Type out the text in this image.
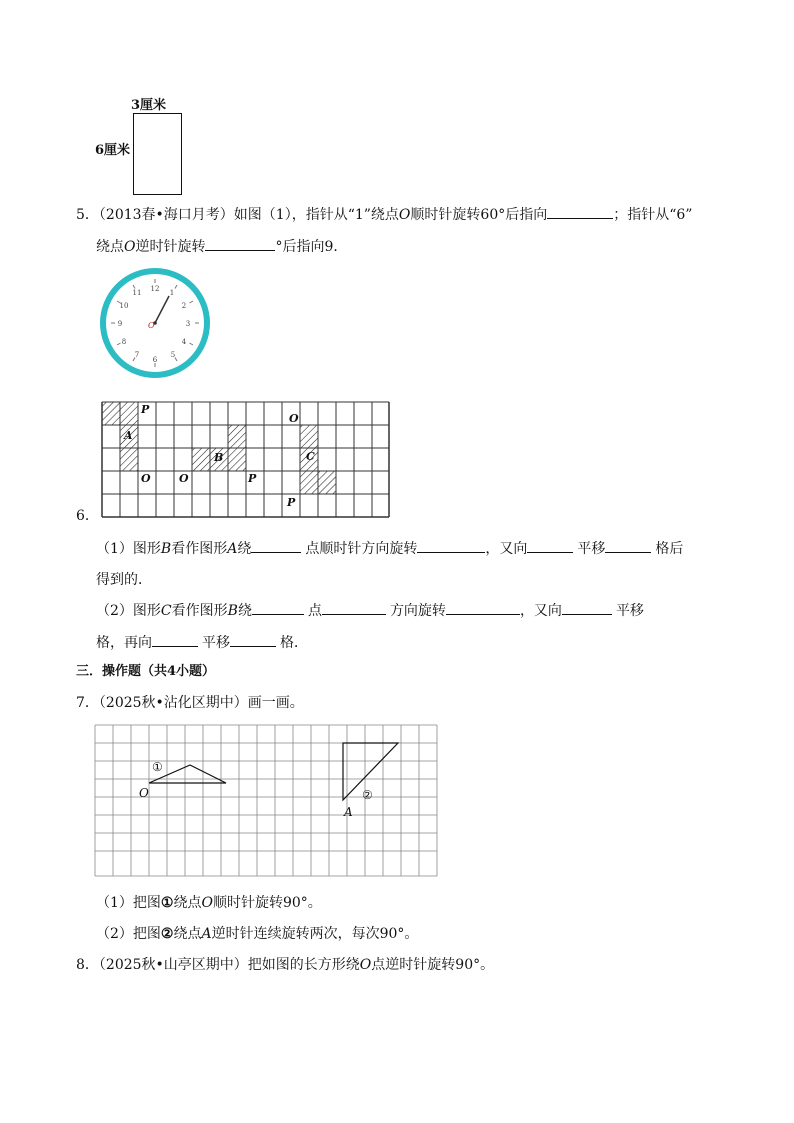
3厘米
6厘米
5．（2013春•海口月考）如图（1），指针从“1”绕点O顺时针旋转60°后指向	；指针从“6”
绕点O逆时针旋转	°后指向9．
12 1
2
3
4
5
6
7
8
9
10
11
O
P
A
O	O
B
P
O
C
P
6．
（1）图形B看作图形A绕	点顺时针方向旋转	，又向	平移	格后
得到的．
（2）图形C看作图形B绕	点	方向旋转	，又向	平移
格，再向	平移	格．
三．操作题（共4小题）
7．（2025秋•沾化区期中）画一画。
①
②
O
A
（1）把图①绕点O顺时针旋转90°。
（2）把图②绕点A逆时针连续旋转两次，每次90°。
8．（2025秋•山亭区期中）把如图的长方形绕O点逆时针旋转90°。
